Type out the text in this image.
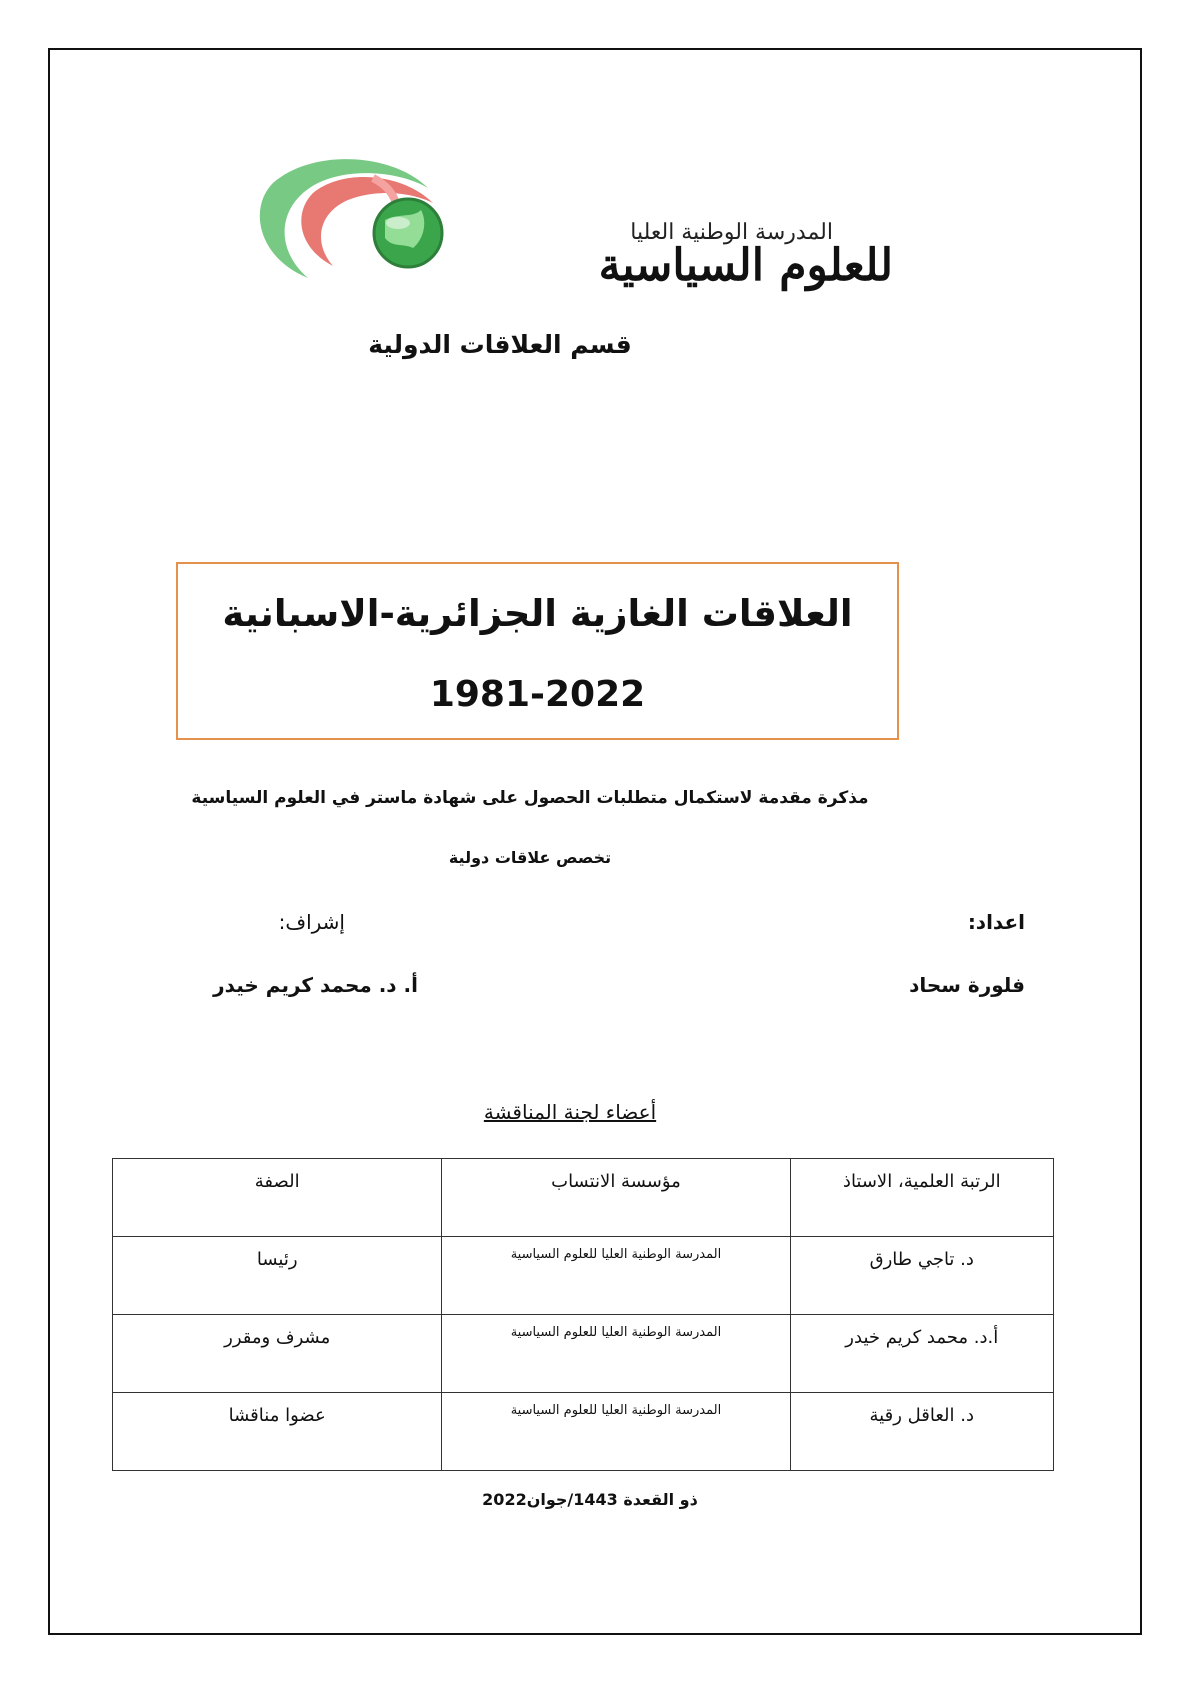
المدرسة الوطنية العليا
للعلوم السياسية
قسم العلاقات الدولية
العلاقات الغازية الجزائرية-الاسبانية
1981-2022
مذكرة مقدمة لاستكمال متطلبات الحصول على شهادة ماستر في العلوم السياسية
تخصص علاقات دولية
اعداد:
إشراف:
فلورة سحاد
أ. د. محمد كريم خيدر
أعضاء لجنة المناقشة
الرتبة العلمية، الاستاذ	مؤسسة الانتساب	الصفة
د. تاجي طارق	المدرسة الوطنية العليا للعلوم السياسية	رئيسا
أ.د. محمد كريم خيدر	المدرسة الوطنية العليا للعلوم السياسية	مشرف ومقرر
د. العاقل رقية	المدرسة الوطنية العليا للعلوم السياسية	عضوا مناقشا
ذو القعدة 1443/جوان2022
